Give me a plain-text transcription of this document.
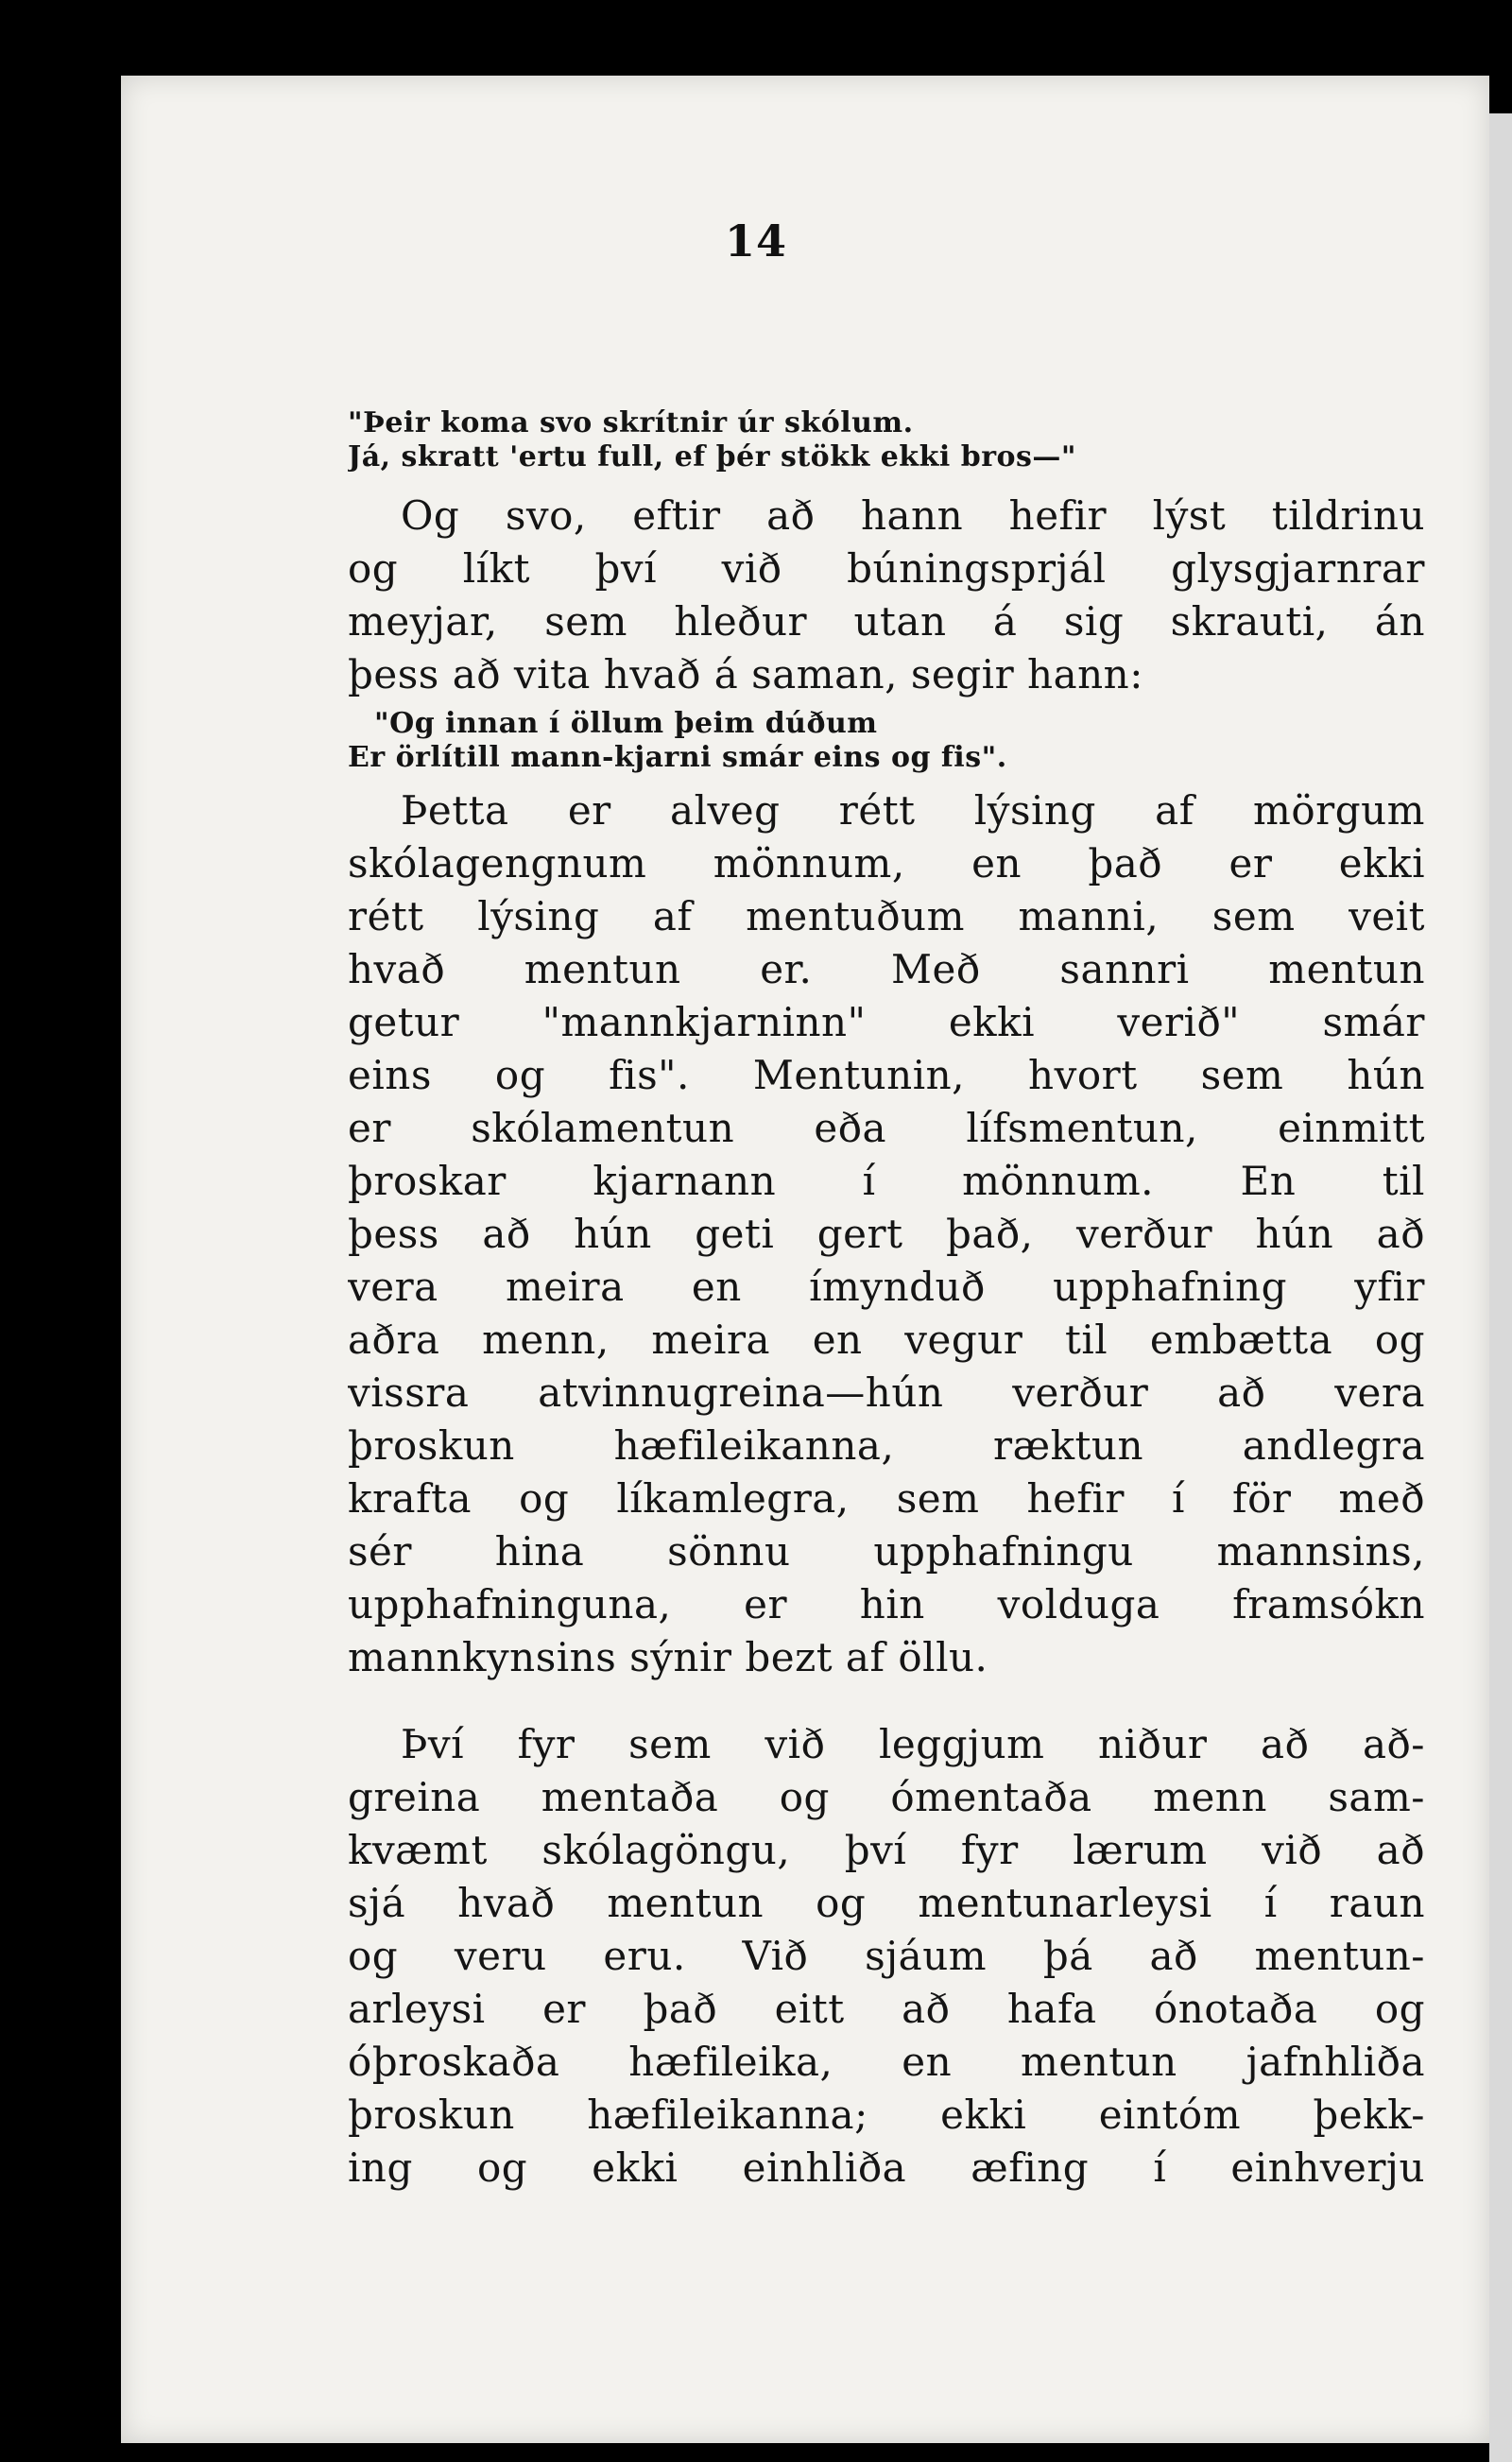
14
"Þeir koma svo skrítnir úr skólum.
Já, skratt 'ertu full, ef þér stökk ekki bros—"
Og svo, eftir að hann hefir lýst tildrinu
og líkt því við búningsprjál glysgjarnrar
meyjar, sem hleður utan á sig skrauti, án
þess að vita hvað á saman, segir hann:
"Og innan í öllum þeim dúðum
Er örlítill mann-kjarni smár eins og fis".
Þetta er alveg rétt lýsing af mörgum
skólagengnum mönnum, en það er ekki
rétt lýsing af mentuðum manni, sem veit
hvað mentun er. Með sannri mentun
getur "mannkjarninn" ekki verið" smár
eins og fis". Mentunin, hvort sem hún
er skólamentun eða lífsmentun, einmitt
þroskar kjarnann í mönnum. En til
þess að hún geti gert það, verður hún að
vera meira en ímynduð upphafning yfir
aðra menn, meira en vegur til embætta og
vissra atvinnugreina—hún verður að vera
þroskun hæfileikanna, ræktun andlegra
krafta og líkamlegra, sem hefir í för með
sér hina sönnu upphafningu mannsins,
upphafninguna, er hin volduga framsókn
mannkynsins sýnir bezt af öllu.
Því fyr sem við leggjum niður að að-
greina mentaða og ómentaða menn sam-
kvæmt skólagöngu, því fyr lærum við að
sjá hvað mentun og mentunarleysi í raun
og veru eru. Við sjáum þá að mentun-
arleysi er það eitt að hafa ónotaða og
óþroskaða hæfileika, en mentun jafnhliða
þroskun hæfileikanna; ekki eintóm þekk-
ing og ekki einhliða æfing í einhverju
